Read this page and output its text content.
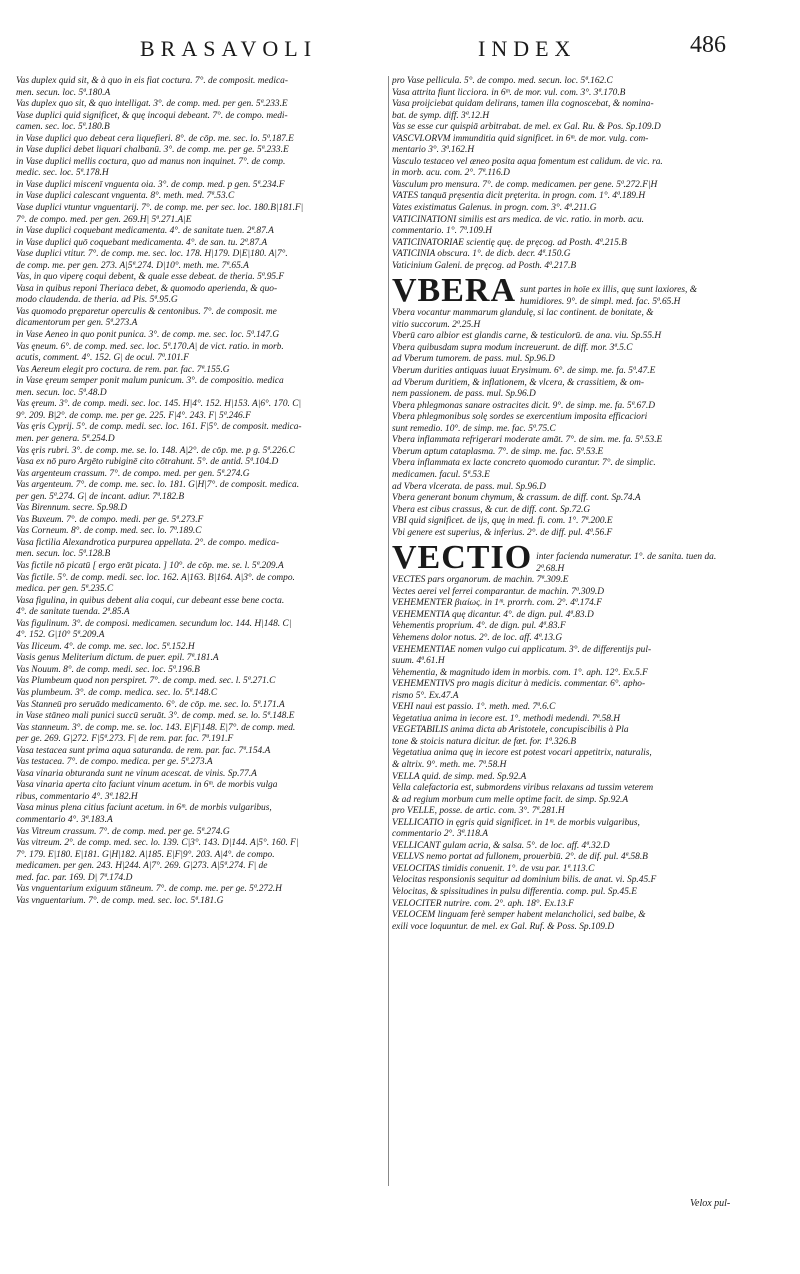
BRASAVOLI	INDEX	486
Vas duplex quid sit, & à quo in eis fiat coctura. 7°. de composit. medica-
men. secun. loc. 5ª.180.A
Vas duplex quo sit, & quo intelligat. 3°. de comp. med. per gen. 5ª.233.E
Vase duplici quid significet, & quę incoqui debeant. 7°. de compo. medi-
camen. sec. loc. 5ª.180.B
in Vase duplici quo debeat cera liquefieri. 8°. de cōp. me. sec. lo. 5ª.187.E
in Vase duplici debet liquari chalbanū. 3°. de comp. me. per ge. 5ª.233.E
in Vase duplici mellis coctura, quo ad manus non inquinet. 7°. de comp.
medic. sec. loc. 5ª.178.H
in Vase duplici miscenī vnguenta oia. 3°. de comp. med. p gen. 5ª.234.F
in Vase duplici calescant vnguenta. 8°. meth. med. 7ª.53.C
Vase duplici vtuntur vnguentarij. 7°. de comp. me. per sec. loc. 180.B|181.F|
7°. de compo. med. per gen. 269.H| 5ª.271.A|E
in Vase duplici coquebant medicamenta. 4°. de sanitate tuen. 2ª.87.A
in Vase duplici quō coquebant medicamenta. 4°. de san. tu. 2ª.87.A
Vase duplici vtitur. 7°. de comp. me. sec. loc. 178. H|179. D|E|180. A|7°.
de comp. me. per gen. 273. A|5ª.274. D|10°. meth. me. 7ª.65.A
Vas, in quo viperę coqui debent, & quale esse debeat. de theria. 5ª.95.F
Vasa in quibus reponi Theriaca debet, & quomodo aperienda, & quo-
modo claudenda. de theria. ad Pis. 5ª.95.G
Vas quomodo pręparetur operculis & centonibus. 7°. de composit. me
dicamentorum per gen. 5ª.273.A
in Vase Aeneo in quo ponit punica. 3°. de comp. me. sec. loc. 5ª.147.G
Vas ęneum. 6°. de comp. med. sec. loc. 5ª.170.A| de vict. ratio. in morb.
acutis, comment. 4°. 152. G| de ocul. 7ª.101.F
Vas Aereum elegit pro coctura. de rem. par. fac. 7ª.155.G
in Vase ęreum semper ponit malum punicum. 3°. de compositio. medica
men. secun. loc. 5ª.48.D
Vas ęreum. 3°. de comp. medi. sec. loc. 145. H|4°. 152. H|153. A|6°. 170. C|
9°. 209. B|2°. de comp. me. per ge. 225. F|4°. 243. F| 5ª.246.F
Vas ęris Cyprij. 5°. de comp. medi. sec. loc. 161. F|5°. de composit. medica-
men. per genera. 5ª.254.D
Vas ęris rubri. 3°. de comp. me. se. lo. 148. A|2°. de cōp. me. p g. 5ª.226.C
Vasa ex nō puro Argēto rubiginē cito cōtrahunt. 5°. de antid. 5ª.104.D
Vas argenteum crassum. 7°. de compo. med. per gen. 5ª.274.G
Vas argenteum. 7°. de comp. me. sec. lo. 181. G|H|7°. de composit. medica.
per gen. 5ª.274. G| de incant. adiur. 7ª.182.B
Vas Birennum. secre. Sp.98.D
Vas Buxeum. 7°. de compo. medi. per ge. 5ª.273.F
Vas Corneum. 8°. de comp. med. sec. lo. 7ª.189.C
Vasa fictilia Alexandrotica purpurea appellata. 2°. de compo. medica-
men. secun. loc. 5ª.128.B
Vas fictile nō picatū [ ergo erāt picata. ] 10°. de cōp. me. se. l. 5ª.209.A
Vas fictile. 5°. de comp. medi. sec. loc. 162. A|163. B|164. A|3°. de compo.
medica. per gen. 5ª.235.C
Vasa figulina, in quibus debent alia coqui, cur debeant esse bene cocta.
4°. de sanitate tuenda. 2ª.85.A
Vas figulinum. 3°. de composi. medicamen. secundum loc. 144. H|148. C|
4°. 152. G|10° 5ª.209.A
Vas Iliceum. 4°. de comp. me. sec. loc. 5ª.152.H
Vasis genus Meliterium dictum. de puer. epil. 7ª.181.A
Vas Nouum. 8°. de comp. medi. sec. loc. 5ª.196.B
Vas Plumbeum quod non perspiret. 7°. de comp. med. sec. l. 5ª.271.C
Vas plumbeum. 3°. de comp. medica. sec. lo. 5ª.148.C
Vas Stanneū pro seruādo medicamento. 6°. de cōp. me. sec. lo. 5ª.171.A
in Vase stāneo mali punici succū seruāt. 3°. de comp. med. se. lo. 5ª.148.E
Vas stanneum. 3°. de comp. me. se. loc. 143. E|F|148. E|7°. de comp. med.
per ge. 269. G|272. F|5ª.273. F| de rem. par. fac. 7ª.191.F
Vasa testacea sunt prima aqua saturanda. de rem. par. fac. 7ª.154.A
Vas testacea. 7°. de compo. medica. per ge. 5ª.273.A
Vasa vinaria obturanda sunt ne vinum acescat. de vinis. Sp.77.A
Vasa vinaria aperta cito faciunt vinum acetum. in 6ᵐ. de morbis vulga
ribus, commentario 4°. 3ª.182.H
Vasa minus plena citius faciunt acetum. in 6ᵐ. de morbis vulgaribus,
commentario 4°. 3ª.183.A
Vas Vitreum crassum. 7°. de comp. med. per ge. 5ª.274.G
Vas vitreum. 2°. de comp. med. sec. lo. 139. C|3°. 143. D|144. A|5°. 160. F|
7°. 179. E|180. E|181. G|H|182. A|185. E|F|9°. 203. A|4°. de compo.
medicamen. per gen. 243. H|244. A|7°. 269. G|273. A|5ª.274. F| de
med. fac. par. 169. D| 7ª.174.D
Vas vnguentarium exiguum stāneum. 7°. de comp. me. per ge. 5ª.272.H
Vas vnguentarium. 7°. de comp. med. sec. loc. 5ª.181.G
pro Vase pellicula. 5°. de compo. med. secun. loc. 5ª.162.C
Vasa attrita fiunt licciora. in 6ᵐ. de mor. vul. com. 3°. 3ª.170.B
Vasa proijciebat quidam delirans, tamen illa cognoscebat, & nomina-
bat. de symp. diff. 3ª.12.H
Vas se esse cur quispiā arbitrabat. de mel. ex Gal. Ru. & Pos. Sp.109.D
VASCVLORVM immunditia quid significet. in 6ᵐ. de mor. vulg. com-
mentario 3°. 3ª.162.H
Vasculo testaceo vel æneo posita aqua fomentum est calidum. de vic. ra.
in morb. acu. com. 2°. 7ª.116.D
Vasculum pro mensura. 7°. de comp. medicamen. per gene. 5ª.272.F|H
VATES tanquā pręsentia dicit pręterita. in progn. com. 1°. 4ª.189.H
Vates existimatus Galenus. in progn. com. 3°. 4ª.211.G
VATICINATIONI similis est ars medica. de vic. ratio. in morb. acu.
commentario. 1°. 7ª.109.H
VATICINATORIAE scientię quę. de pręcog. ad Posth. 4ª.215.B
VATICINIA obscura. 1°. de dicb. decr. 4ª.150.G
Vaticinium Galeni. de pręcog. ad Posth. 4ª.217.B
VBERA sunt partes in hoīe ex illis, quę sunt laxiores, & humidiores. 9°. de simpl. med. fac. 5ª.65.H
Vbera vocantur mammarum glandulę, si lac continent. de bonitate, &
vitio succorum. 2ª.25.H
Vberū caro albior est glandis carne, & testiculorū. de ana. viu. Sp.55.H
Vbera quibusdam supra modum increuerunt. de diff. mor. 3ª.5.C
ad Vberum tumorem. de pass. mul. Sp.96.D
Vberum durities antiquas iuuat Erysimum. 6°. de simp. me. fa. 5ª.47.E
ad Vberum duritiem, & inflationem, & vlcera, & crassitiem, & om-
nem passionem. de pass. mul. Sp.96.D
Vbera phlegmonas sanare ostracites dicit. 9°. de simp. me. fa. 5ª.67.D
Vbera phlegmonibus solę sordes se exercentium imposita efficaciori
sunt remedio. 10°. de simp. me. fac. 5ª.75.C
Vbera inflammata refrigerari moderate amāt. 7°. de sim. me. fa. 5ª.53.E
Vberum aptum cataplasma. 7°. de simp. me. fac. 5ª.53.E
Vbera inflammata ex lacte concreto quomodo curantur. 7°. de simplic.
medicamen. facul. 5ª.53.E
ad Vbera vlcerata. de pass. mul. Sp.96.D
Vbera generant bonum chymum, & crassum. de diff. cont. Sp.74.A
Vbera est cibus crassus, & cur. de diff. cont. Sp.72.G
VBI quid significet. de ijs, quę in med. fi. com. 1°. 7ª.200.E
Vbi genere est superius, & inferius. 2°. de diff. pul. 4ª.56.F
VECTIO inter facienda numeratur. 1°. de sanita. tuen da. 2ª.68.H
VECTES pars organorum. de machin. 7ª.309.E
Vectes aerei vel ferrei comparantur. de machin. 7ª.309.D
VEHEMENTER βιαίως. in 1ᵐ. prorrh. com. 2°. 4ª.174.F
VEHEMENTIA quę dicantur. 4°. de dign. pul. 4ª.83.D
Vehementis proprium. 4°. de dign. pul. 4ª.83.F
Vehemens dolor notus. 2°. de loc. aff. 4ª.13.G
VEHEMENTIAE nomen vulgo cui applicatum. 3°. de differentijs pul-
suum. 4ª.61.H
Vehementia, & magnitudo idem in morbis. com. 1°. aph. 12°. Ex.5.F
VEHEMENTIVS pro magis dicitur à medicis. commentar. 6°. apho-
rismo 5°. Ex.47.A
VEHI naui est passio. 1°. meth. med. 7ª.6.C
Vegetatiua anima in iecore est. 1°. methodi medendi. 7ª.58.H
VEGETABILIS anima dicta ab Aristotele, concupiscibilis à Pla
tone & stoicis natura dicitur. de fœt. for. 1ª.326.B
Vegetatiua anima quę in iecore est potest vocari appetitrix, naturalis,
& altrix. 9°. meth. me. 7ª.58.H
VELLA quid. de simp. med. Sp.92.A
Vella calefactoria est, submordens viribus relaxans ad tussim veterem
& ad regium morbum cum melle optime facit. de simp. Sp.92.A
pro VELLE, posse. de artic. com. 3°. 7ª.281.H
VELLICATIO in ęgris quid significet. in 1ᵐ. de morbis vulgaribus,
commentario 2°. 3ª.118.A
VELLICANT gulam acria, & salsa. 5°. de loc. aff. 4ª.32.D
VELLVS nemo portat ad fullonem, prouerbiū. 2°. de dif. pul. 4ª.58.B
VELOCITAS timidis conuenit. 1°. de vsu par. 1ª.113.C
Velocitas responsionis sequitur ad dominium bilis. de anat. vi. Sp.45.F
Velocitas, & spissitudines in pulsu differentia. comp. pul. Sp.45.E
VELOCITER nutrire. com. 2°. aph. 18°. Ex.13.F
VELOCEM linguam ferè semper habent melancholici, sed balbe, &
exili voce loquuntur. de mel. ex Gal. Ruf. & Poss. Sp.109.D
Velox pul-
